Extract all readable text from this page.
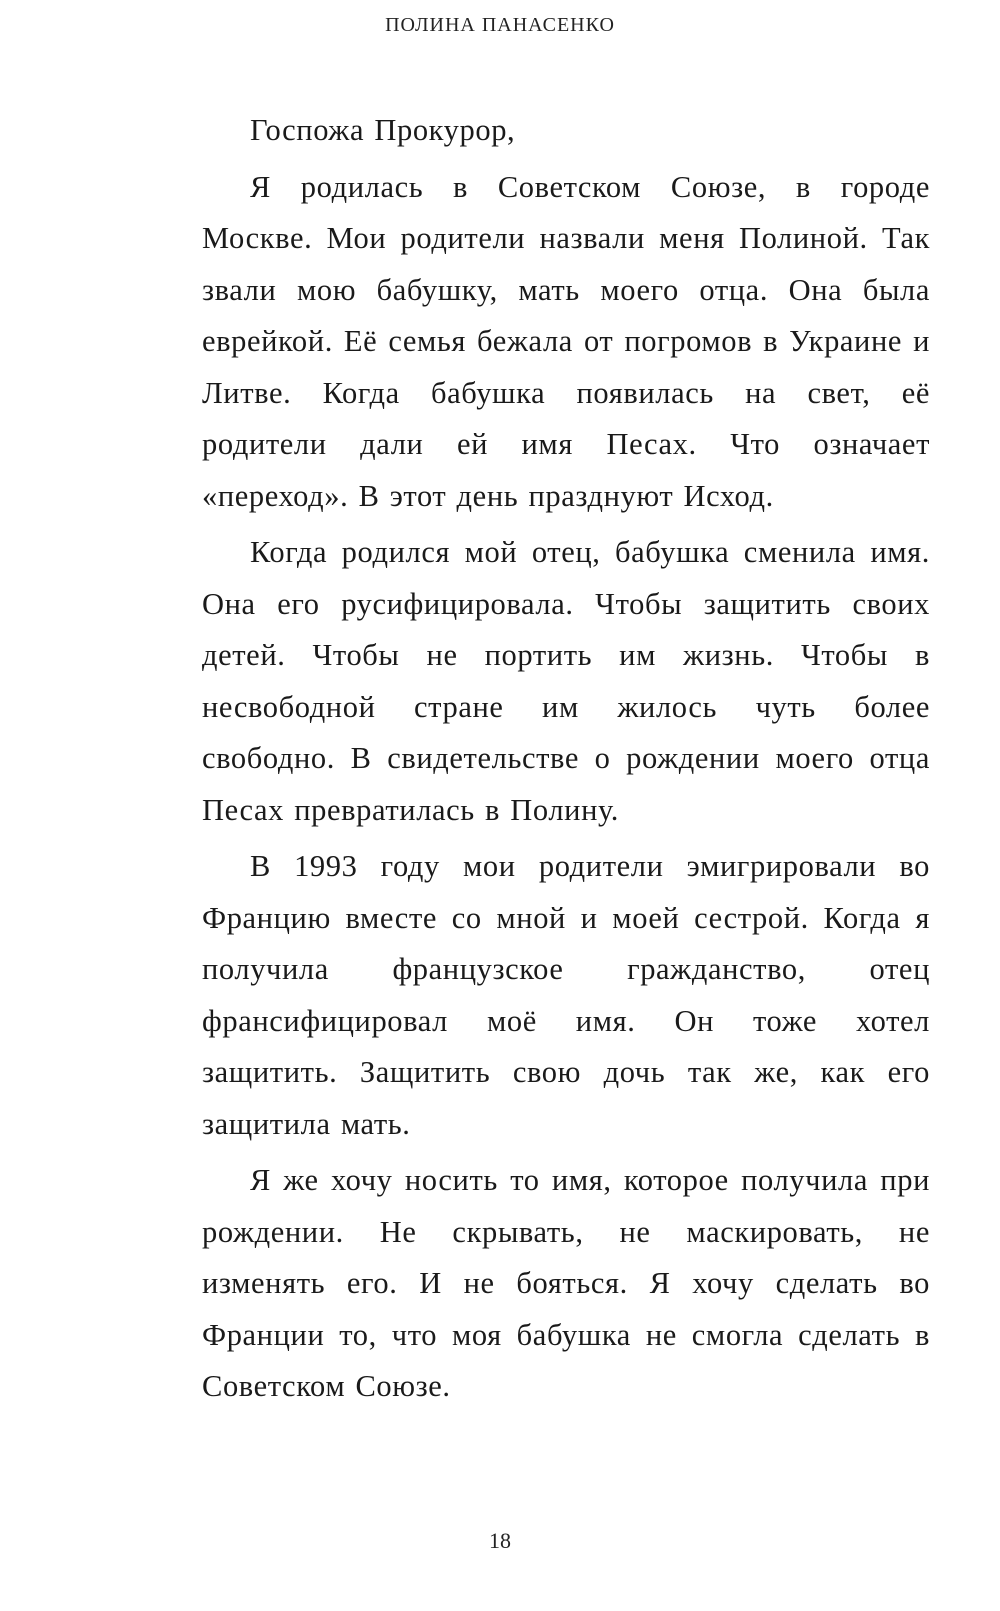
ПОЛИНА ПАНАСЕНКО

Госпожа Прокурор,

Я родилась в Советском Союзе, в городе Москве. Мои родители назвали меня Полиной. Так звали мою бабушку, мать моего отца. Она была еврейкой. Её семья бежала от погромов в Украине и Литве. Когда бабушка появилась на свет, её родители дали ей имя Песах. Что означает «переход». В этот день празднуют Исход.

Когда родился мой отец, бабушка сменила имя. Она его русифицировала. Чтобы защитить своих детей. Чтобы не портить им жизнь. Чтобы в несвободной стране им жилось чуть более свободно. В свидетельстве о рождении моего отца Песах превратилась в Полину.

В 1993 году мои родители эмигрировали во Францию вместе со мной и моей сестрой. Когда я получила французское гражданство, отец франсифицировал моё имя. Он тоже хотел защитить. Защитить свою дочь так же, как его защитила мать.

Я же хочу носить то имя, которое получила при рождении. Не скрывать, не маскировать, не изменять его. И не бояться. Я хочу сделать во Франции то, что моя бабушка не смогла сделать в Советском Союзе.

18
